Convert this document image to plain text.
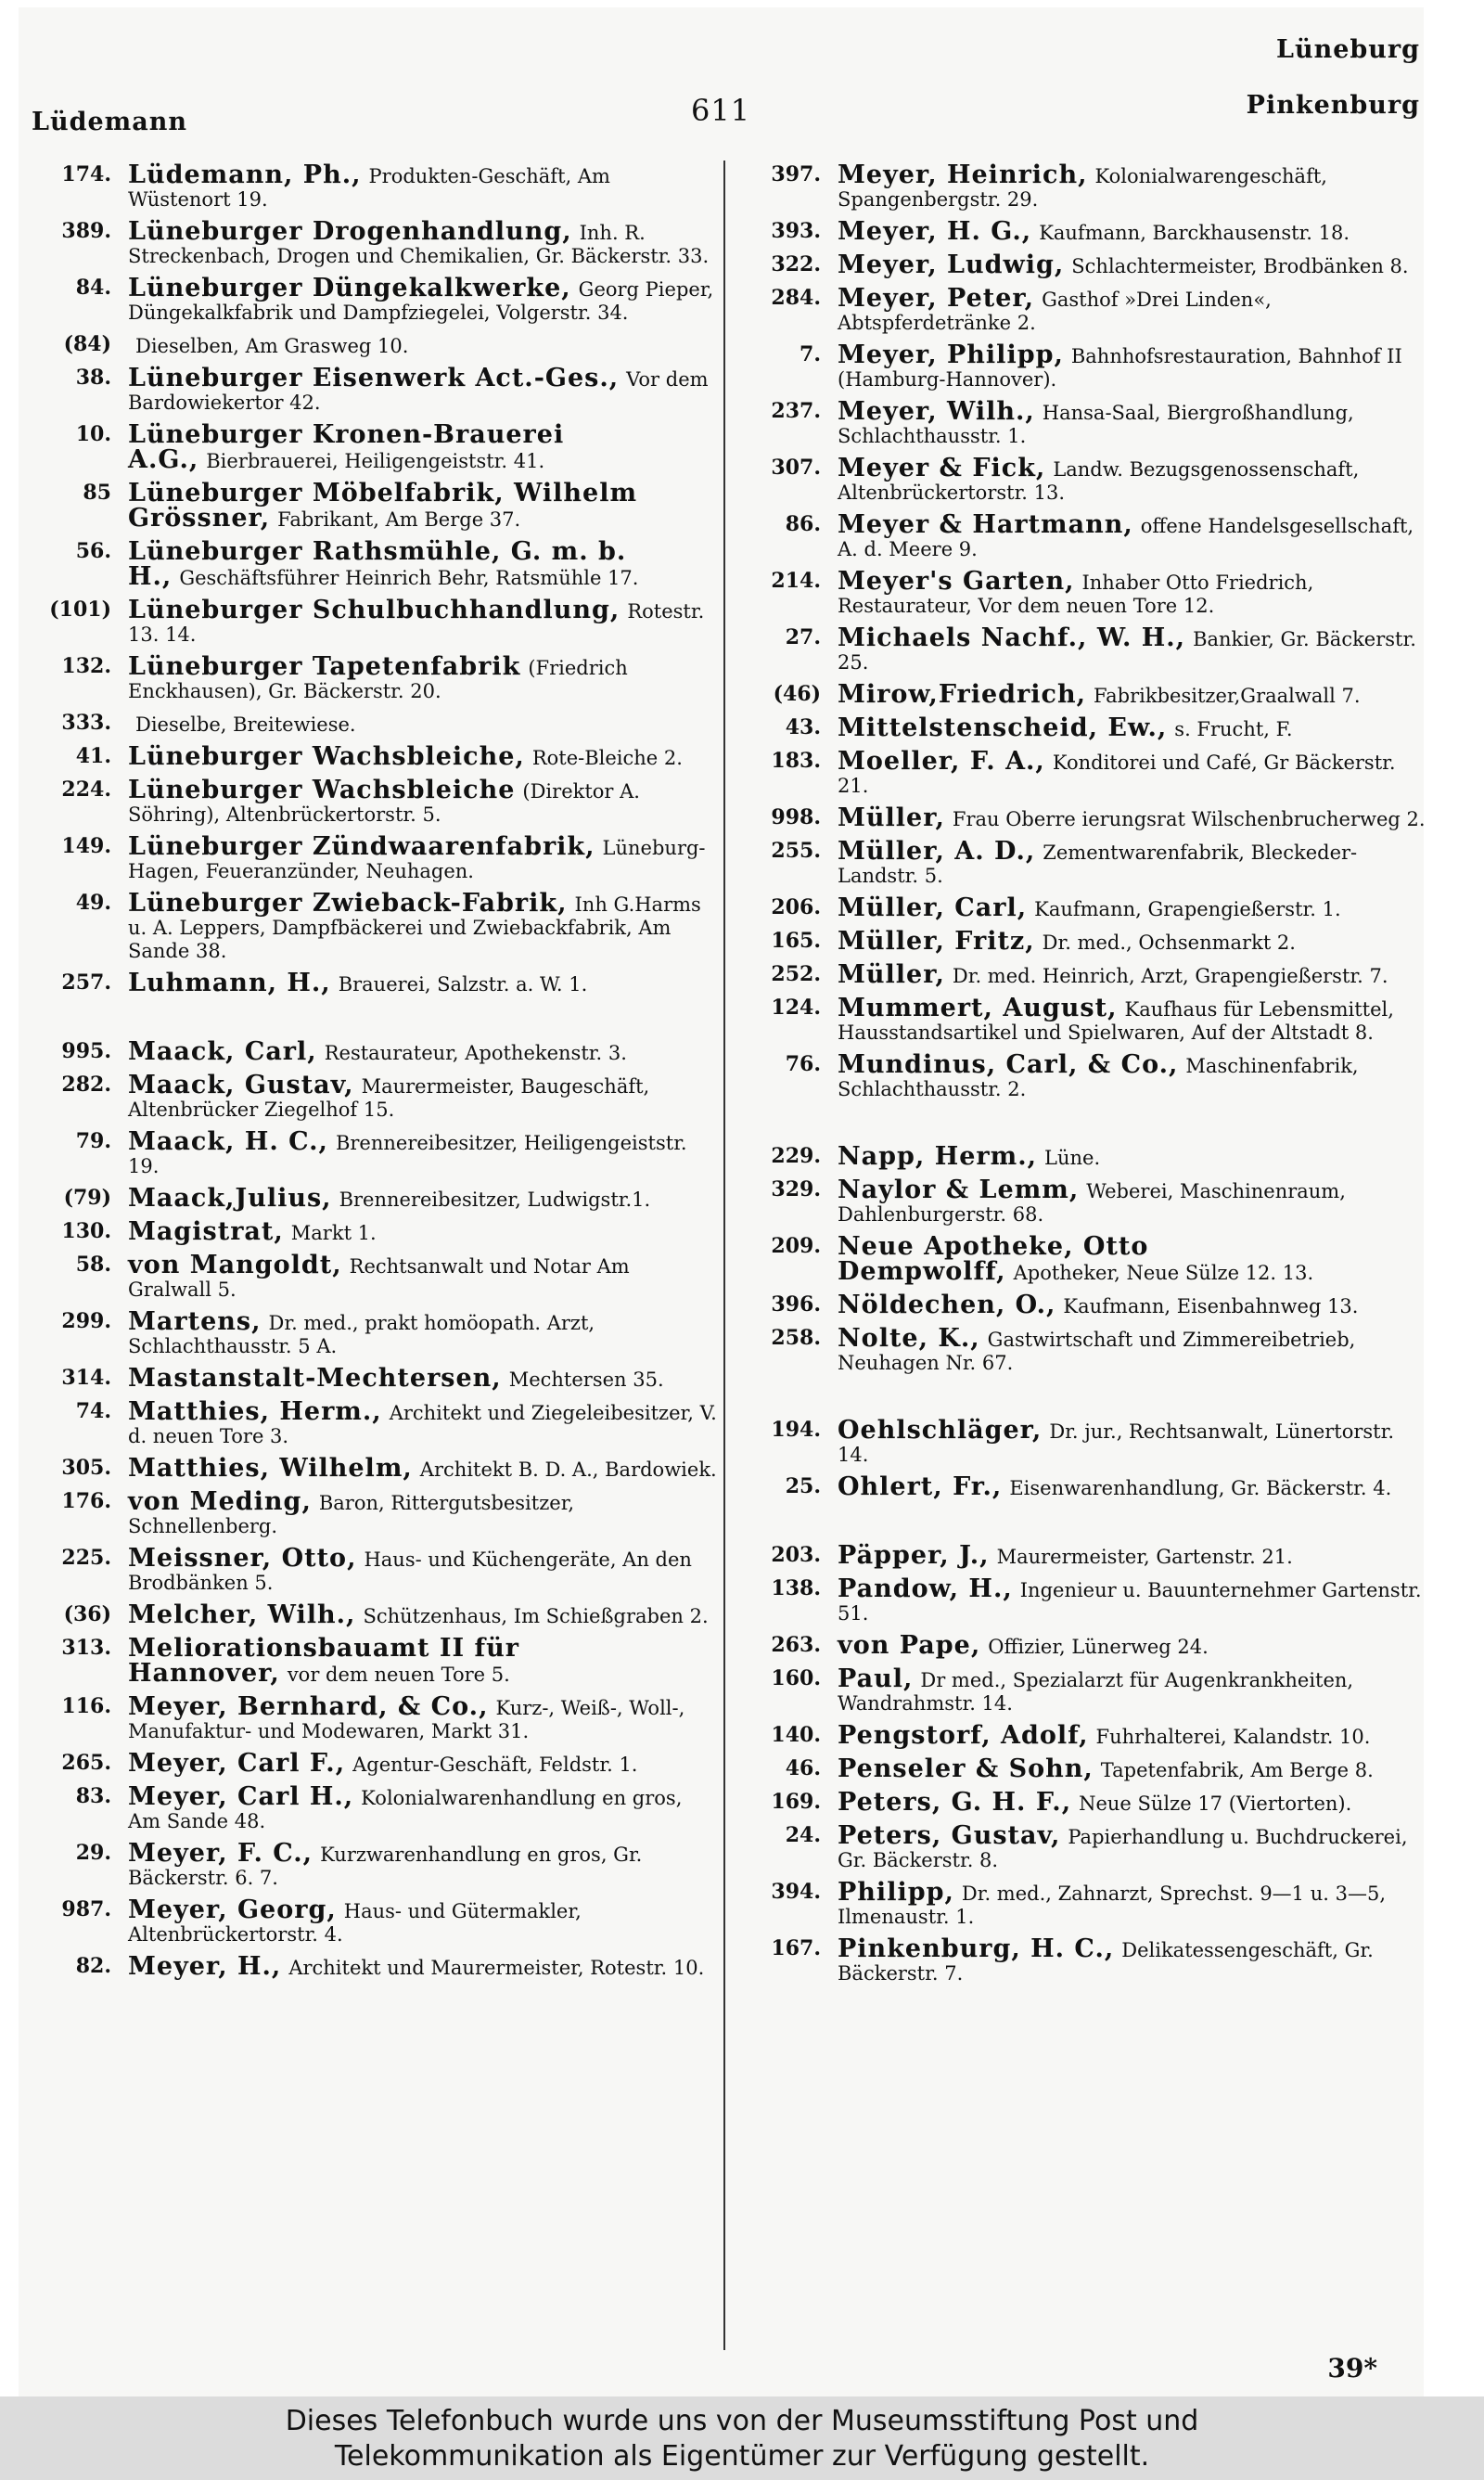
Lüdemann	611
Lüneburg
Pinkenburg
174. Lüdemann, Ph., Produkten-Geschäft, Am Wüstenort 19.
389. Lüneburger Drogenhandlung, Inh. R. Streckenbach, Drogen und Chemikalien, Gr. Bäckerstr. 33.
84. Lüneburger Düngekalkwerke, Georg Pieper, Düngekalkfabrik und Dampfziegelei, Volgerstr. 34.
(84)	Dieselben, Am Grasweg 10.
38. Lüneburger Eisenwerk Act.-Ges., Vor dem Bardowiekertor 42.
10. Lüneburger Kronen-Brauerei A.G., Bierbrauerei, Heiligengeiststr. 41.
85 Lüneburger Möbelfabrik, Wilhelm Grössner, Fabrikant, Am Berge 37.
56. Lüneburger Rathsmühle, G. m. b. H., Geschäftsführer Heinrich Behr, Ratsmühle 17.
(101) Lüneburger Schulbuchhandlung, Rotestr. 13. 14.
132. Lüneburger Tapetenfabrik (Friedrich Enckhausen), Gr. Bäckerstr. 20.
333.	Dieselbe, Breitewiese.
41. Lüneburger Wachsbleiche, Rote-Bleiche 2.
224. Lüneburger Wachsbleiche (Direktor A. Söhring), Altenbrückertorstr. 5.
149. Lüneburger Zündwaarenfabrik, Lüneburg-Hagen, Feueranzünder, Neuhagen.
49. Lüneburger Zwieback-Fabrik, Inh G.Harms u. A. Leppers, Dampfbäckerei und Zwiebackfabrik, Am Sande 38.
257. Luhmann, H., Brauerei, Salzstr. a. W. 1.
995. Maack, Carl, Restaurateur, Apothekenstr. 3.
282. Maack, Gustav, Maurermeister, Baugeschäft, Altenbrücker Ziegelhof 15.
79. Maack, H. C., Brennereibesitzer, Heiligengeiststr. 19.
(79) Maack,Julius, Brennereibesitzer, Ludwigstr.1.
130. Magistrat, Markt 1.
58. von Mangoldt, Rechtsanwalt und Notar Am Gralwall 5.
299. Martens, Dr. med., prakt homöopath. Arzt, Schlachthausstr. 5 A.
314. Mastanstalt-Mechtersen, Mechtersen 35.
74. Matthies, Herm., Architekt und Ziegeleibesitzer, V. d. neuen Tore 3.
305. Matthies, Wilhelm, Architekt B. D. A., Bardowiek.
176. von Meding, Baron, Rittergutsbesitzer, Schnellenberg.
225. Meissner, Otto, Haus- und Küchengeräte, An den Brodbänken 5.
(36) Melcher, Wilh., Schützenhaus, Im Schießgraben 2.
313. Meliorationsbauamt II für Hannover, vor dem neuen Tore 5.
116. Meyer, Bernhard, & Co., Kurz-, Weiß-, Woll-, Manufaktur- und Modewaren, Markt 31.
265. Meyer, Carl F., Agentur-Geschäft, Feldstr. 1.
83. Meyer, Carl H., Kolonialwarenhandlung en gros, Am Sande 48.
29. Meyer, F. C., Kurzwarenhandlung en gros, Gr. Bäckerstr. 6. 7.
987. Meyer, Georg, Haus- und Gütermakler, Altenbrückertorstr. 4.
82. Meyer, H., Architekt und Maurermeister, Rotestr. 10.
397. Meyer, Heinrich, Kolonialwarengeschäft, Spangenbergstr. 29.
393. Meyer, H. G., Kaufmann, Barckhausenstr. 18.
322. Meyer, Ludwig, Schlachtermeister, Brodbänken 8.
284. Meyer, Peter, Gasthof »Drei Linden«, Abtspferdetränke 2.
7. Meyer, Philipp, Bahnhofsrestauration, Bahnhof II (Hamburg-Hannover).
237. Meyer, Wilh., Hansa-Saal, Biergroßhandlung, Schlachthausstr. 1.
307. Meyer & Fick, Landw. Bezugsgenossenschaft, Altenbrückertorstr. 13.
86. Meyer & Hartmann, offene Handelsgesellschaft, A. d. Meere 9.
214. Meyer's Garten, Inhaber Otto Friedrich, Restaurateur, Vor dem neuen Tore 12.
27. Michaels Nachf., W. H., Bankier, Gr. Bäckerstr. 25.
(46) Mirow,Friedrich, Fabrikbesitzer,Graalwall 7.
43. Mittelstenscheid, Ew., s. Frucht, F.
183. Moeller, F. A., Konditorei und Café, Gr Bäckerstr. 21.
998. Müller, Frau Oberre ierungsrat Wilschenbrucherweg 2.
255. Müller, A. D., Zementwarenfabrik, Bleckeder-Landstr. 5.
206. Müller, Carl, Kaufmann, Grapengießerstr. 1.
165. Müller, Fritz, Dr. med., Ochsenmarkt 2.
252. Müller, Dr. med. Heinrich, Arzt, Grapengießerstr. 7.
124. Mummert, August, Kaufhaus für Lebensmittel, Hausstandsartikel und Spielwaren, Auf der Altstadt 8.
76. Mundinus, Carl, & Co., Maschinenfabrik, Schlachthausstr. 2.
229. Napp, Herm., Lüne.
329. Naylor & Lemm, Weberei, Maschinenraum, Dahlenburgerstr. 68.
209. Neue Apotheke, Otto Dempwolff, Apotheker, Neue Sülze 12. 13.
396. Nöldechen, O., Kaufmann, Eisenbahnweg 13.
258. Nolte, K., Gastwirtschaft und Zimmereibetrieb, Neuhagen Nr. 67.
194. Oehlschläger, Dr. jur., Rechtsanwalt, Lünertorstr. 14.
25. Ohlert, Fr., Eisenwarenhandlung, Gr. Bäckerstr. 4.
203. Päpper, J., Maurermeister, Gartenstr. 21.
138. Pandow, H., Ingenieur u. Bauunternehmer Gartenstr. 51.
263. von Pape, Offizier, Lünerweg 24.
160. Paul, Dr med., Spezialarzt für Augenkrankheiten, Wandrahmstr. 14.
140. Pengstorf, Adolf, Fuhrhalterei, Kalandstr. 10.
46. Penseler & Sohn, Tapetenfabrik, Am Berge 8.
169. Peters, G. H. F., Neue Sülze 17 (Viertorten).
24. Peters, Gustav, Papierhandlung u. Buchdruckerei, Gr. Bäckerstr. 8.
394. Philipp, Dr. med., Zahnarzt, Sprechst. 9—1 u. 3—5, Ilmenaustr. 1.
167. Pinkenburg, H. C., Delikatessengeschäft, Gr. Bäckerstr. 7.
39*
Dieses Telefonbuch wurde uns von der Museumsstiftung Post und
Telekommunikation als Eigentümer zur Verfügung gestellt.
